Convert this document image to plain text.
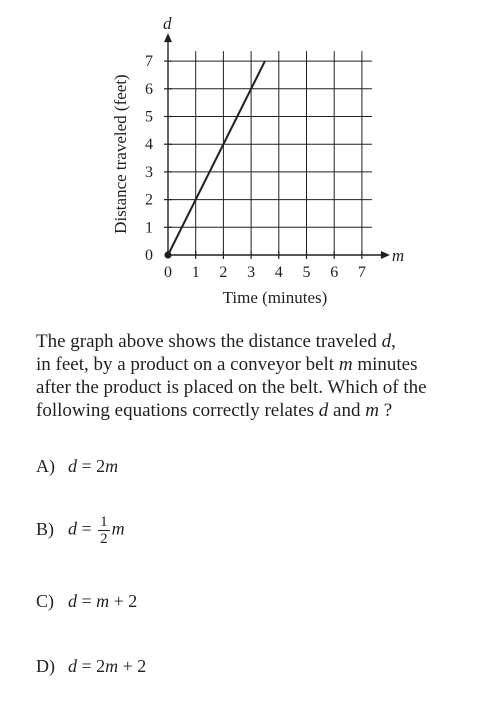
0 1 2 3 4 5 6 7
0
1
2
3
4
5
6
7
m
d
Time (minutes)
Distance traveled (feet)
The graph above shows the distance traveled d,
in feet, by a product on a conveyor belt m minutes
after the product is placed on the belt. Which of the
following equations correctly relates d and m ?
A) d = 2m
B) $d = \frac{1}{2}$ m
C) d = m + 2
D) d = 2m + 2
